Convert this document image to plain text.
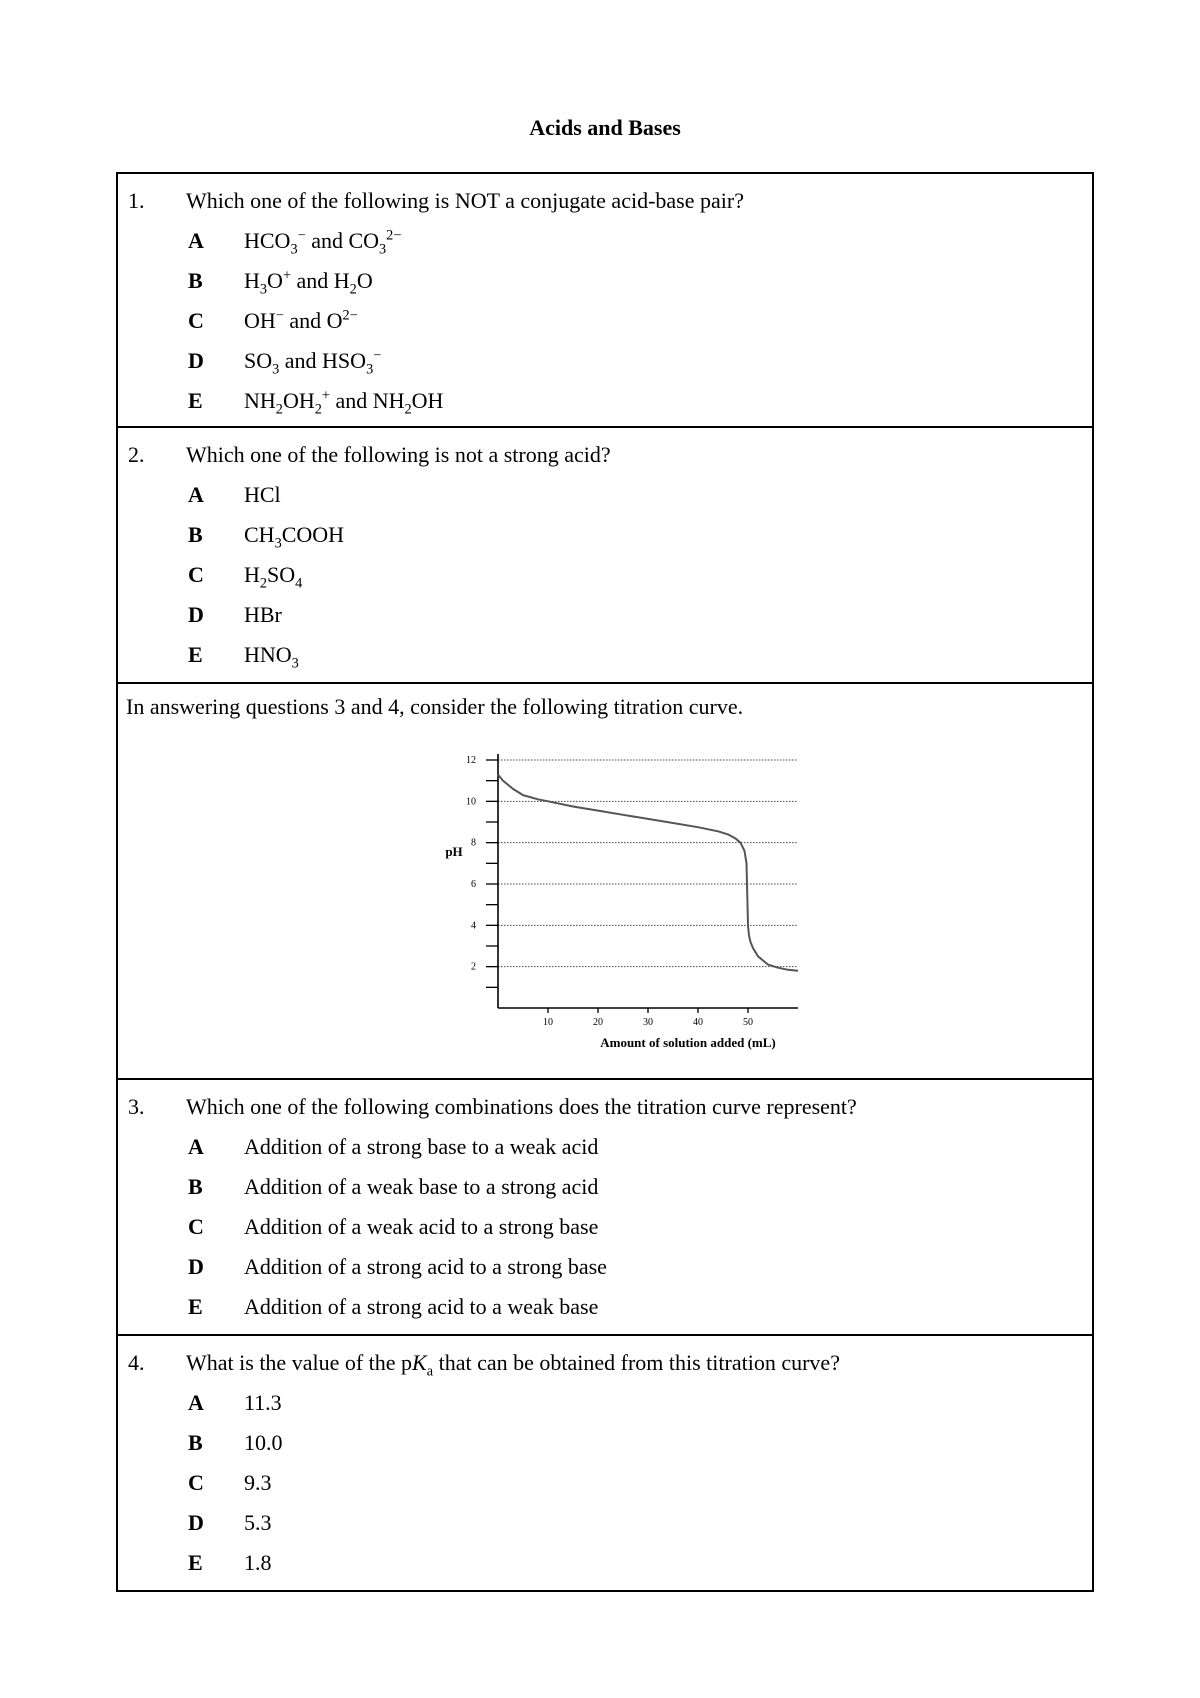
Acids and Bases
1.	Which one of the following is NOT a conjugate acid-base pair?
A $HCO_3^-$ and $CO_3^{2-}$
B $H_3O^+$ and $H_2O$
C OH− and $O^{2-}$
D $SO_3$ and $HSO_3^-$
E $NH_2OH_2^+$ and $NH_2OH$
2.	Which one of the following is not a strong acid?
A HCl
B $CH_3COOH$
C $H_2SO_4$
D HBr
E $HNO_3$
In answering questions 3 and 4, consider the following titration curve.
2
4
6
8
10
12
10	20	30	40	50
pH
Amount of solution added (mL)
3.	Which one of the following combinations does the titration curve represent?
A Addition of a strong base to a weak acid
B Addition of a weak base to a strong acid
C Addition of a weak acid to a strong base
D Addition of a strong acid to a strong base
E Addition of a strong acid to a weak base
4.	What is the value of the $pK_a$ that can be obtained from this titration curve?
A 11.3
B 10.0
C 9.3
D 5.3
E 1.8
